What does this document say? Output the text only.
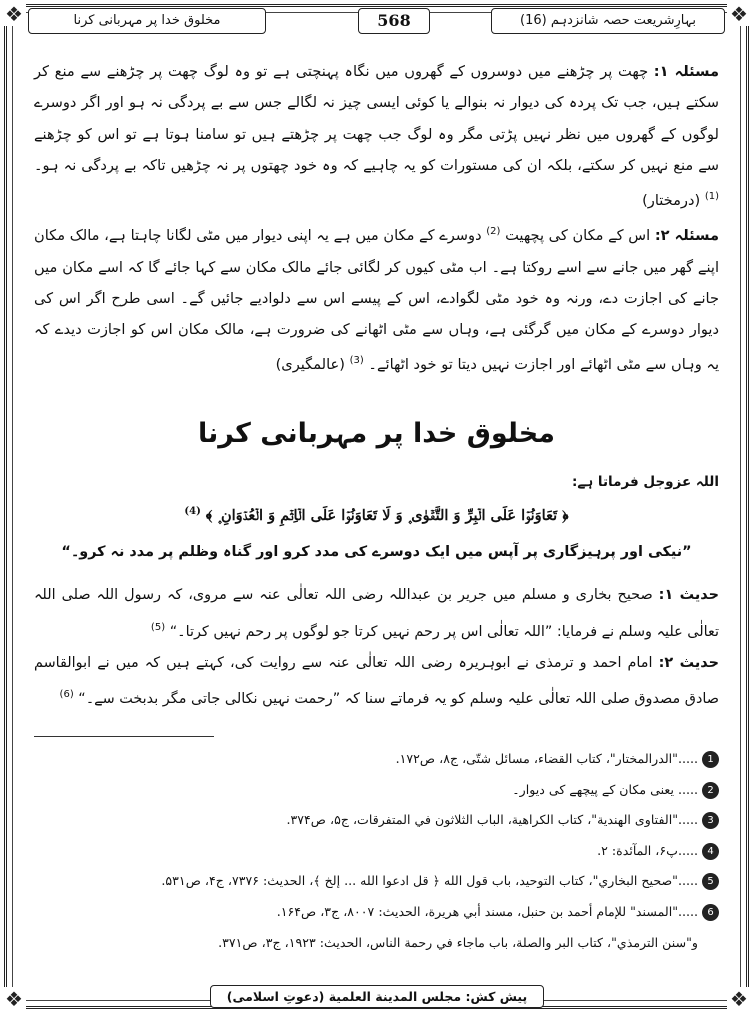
❖	❖
❖	❖
بہارِشریعت حصہ شانزدہم (16)
568
مخلوق خدا پر مہربانی کرنا

مسئلہ ۱: چھت پر چڑھنے میں دوسروں کے گھروں میں نگاہ پہنچتی ہے تو وہ لوگ چھت پر چڑھنے سے منع کر سکتے ہیں، جب تک پردہ کی دیوار نہ بنوالے یا کوئی ایسی چیز نہ لگالے جس سے بے پردگی نہ ہو اور اگر دوسرے لوگوں کے گھروں میں نظر نہیں پڑتی مگر وہ لوگ جب چھت پر چڑھتے ہیں تو سامنا ہوتا ہے تو اس کو چڑھنے سے منع نہیں کر سکتے، بلکہ ان کی مستورات کو یہ چاہیے کہ وہ خود چھتوں پر نہ چڑھیں تاکہ بے پردگی نہ ہو۔ $^{(1)}$ (درمختار)

مسئلہ ۲: اس کے مکان کی پچھیت $^{(2)}$ دوسرے کے مکان میں ہے یہ اپنی دیوار میں مٹی لگانا چاہتا ہے، مالک مکان اپنے گھر میں جانے سے اسے روکتا ہے۔ اب مٹی کیوں کر لگائی جائے مالک مکان سے کہا جائے گا کہ اسے مکان میں جانے کی اجازت دے، ورنہ وہ خود مٹی لگوادے، اس کے پیسے اس سے دلوادیے جائیں گے۔ اسی طرح اگر اس کی دیوار دوسرے کے مکان میں گرگئی ہے، وہاں سے مٹی اٹھانے کی ضرورت ہے، مالک مکان اس کو اجازت دیدے کہ یہ وہاں سے مٹی اٹھائے اور اجازت نہیں دیتا تو خود اٹھائے۔ $^{(3)}$ (عالمگیری)

مخلوق خدا پر مہربانی کرنا
اللہ عزوجل فرماتا ہے:
﴿ تَعَاوَنُوۡا عَلَی الۡبِرِّ وَ التَّقۡوٰی ۪ وَ لَا تَعَاوَنُوۡا عَلَی الۡاِثۡمِ وَ الۡعُدۡوَانِ ۪ ﴾ $^{(4)}$
”نیکی اور پرہیزگاری پر آپس میں ایک دوسرے کی مدد کرو اور گناہ وظلم پر مدد نہ کرو۔“

حدیث ۱: صحیح بخاری و مسلم میں جریر بن عبداللہ رضی اللہ تعالٰی عنہ سے مروی، کہ رسول اللہ صلی اللہ تعالٰی علیہ وسلم نے فرمایا: ”اللہ تعالٰی اس پر رحم نہیں کرتا جو لوگوں پر رحم نہیں کرتا۔“ $^{(5)}$

حدیث ۲: امام احمد و ترمذی نے ابوہریرہ رضی اللہ تعالٰی عنہ سے روایت کی، کہتے ہیں کہ میں نے ابوالقاسم صادق مصدوق صلی اللہ تعالٰی علیہ وسلم کو یہ فرماتے سنا کہ ”رحمت نہیں نکالی جاتی مگر بدبخت سے۔“ $^{(6)}$

1....."الدرالمختار"، کتاب القضاء، مسائل شتّی، ج۸، ص۱۷۲.
2..... یعنی مکان کے پیچھے کی دیوار۔
3....."الفتاوی الهندية"، کتاب الكراهية، الباب الثلاثون في المتفرقات، ج۵، ص۳۷۴.
4.....پ۶، المآئدة: ۲.
5....."صحيح البخاري"، کتاب التوحيد، باب قول الله ﴿ قل ادعوا الله ... إلخ ﴾، الحديث: ۷۳۷۶، ج۴، ص۵۳۱.
6....."المسند" للإمام أحمد بن حنبل، مسند أبي هريرة، الحديث: ۸۰۰۷، ج۳، ص۱۶۴.
و"سنن الترمذي"، کتاب البر والصلة، باب ماجاء في رحمة الناس، الحديث: ۱۹۲۳، ج۳، ص۳۷۱.
پیش کش: مجلس المدينة العلمية (دعوتِ اسلامی)
